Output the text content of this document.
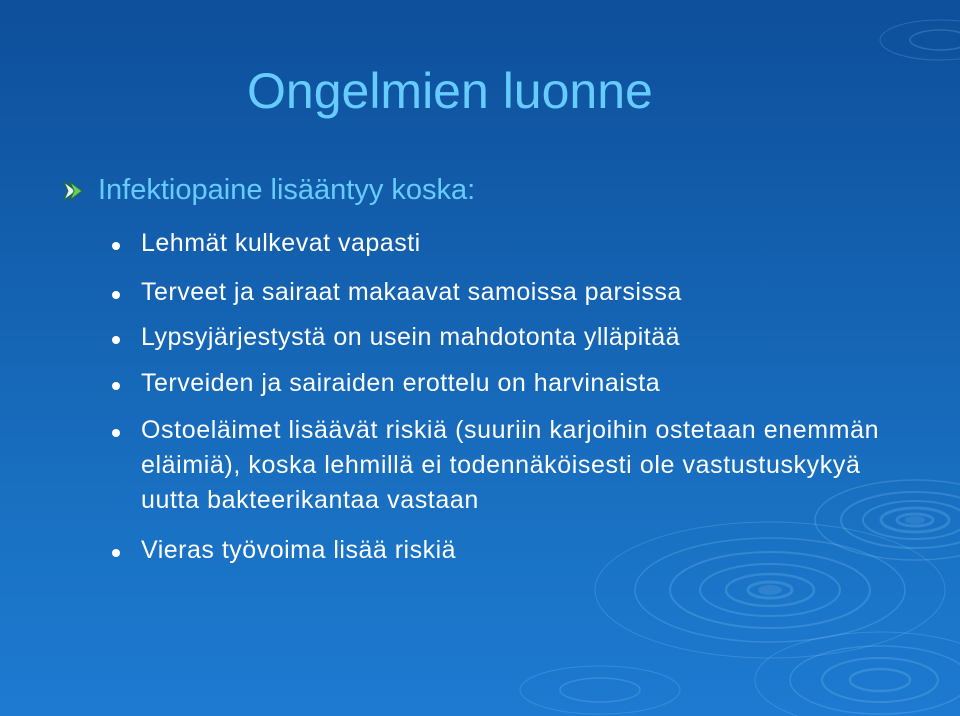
Ongelmien luonne
Infektiopaine lisääntyy koska:
Lehmät kulkevat vapasti
Terveet ja sairaat makaavat samoissa parsissa
Lypsyjärjestystä on usein mahdotonta ylläpitää
Terveiden ja sairaiden erottelu on harvinaista
Ostoeläimet lisäävät riskiä (suuriin karjoihin ostetaan enemmän eläimiä), koska lehmillä ei todennäköisesti ole vastustuskykyä uutta bakteerikantaa vastaan
Vieras työvoima lisää riskiä
